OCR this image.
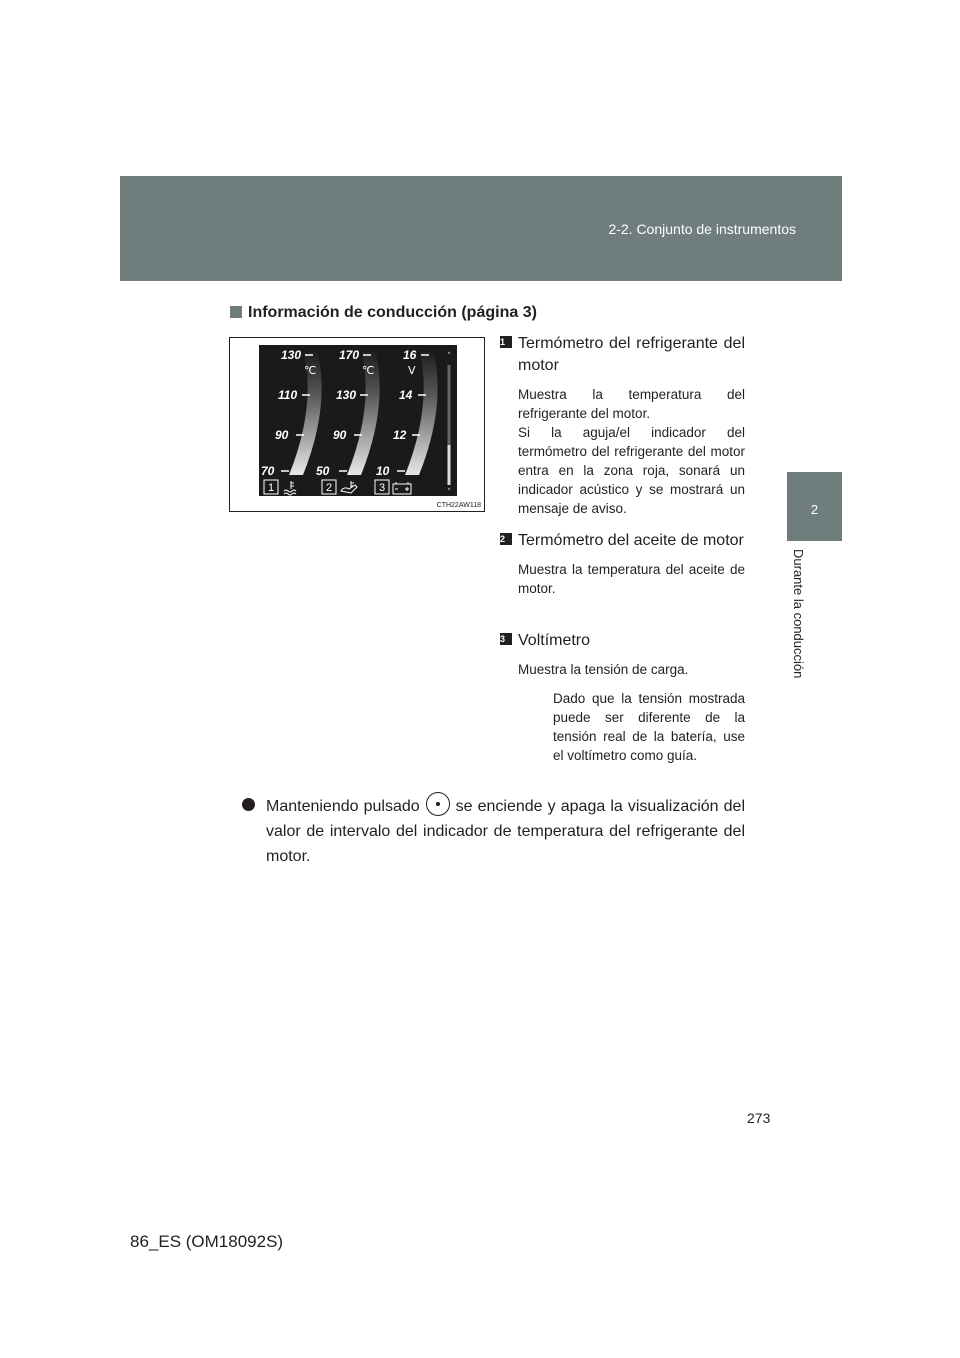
2-2. Conjunto de instrumentos
2
Durante la conducción
Información de conducción (página 3)
˄
˅
130
110
90
70
170
130
90
50
16
14
12
10
℃	℃	V
1	2	3
CTH22AW118
1 Termómetro del refrigerante del motor
Muestra la temperatura del refrigerante del motor.
Si la aguja/el indicador del termómetro del refrigerante del motor entra en la zona roja, sonará un indicador acústico y se mostrará un mensaje de aviso.
2 Termómetro del aceite de motor
Muestra la temperatura del aceite de motor.
3 Voltímetro
Muestra la tensión de carga.
Dado que la tensión mostrada puede ser diferente de la tensión real de la batería, use el voltímetro como guía.
Manteniendo pulsado se enciende y apaga la visualización del valor de intervalo del indicador de temperatura del refrigerante del motor.
273
86_ES (OM18092S)
